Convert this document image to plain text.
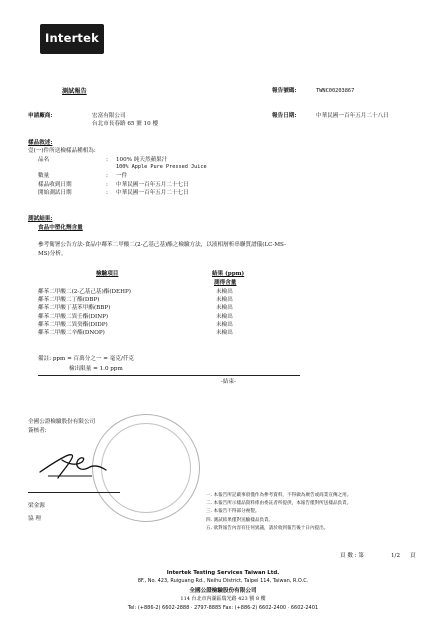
Intertek
測試報告	報告號碼:	TWNC00203867
申請廠商:	宏富有限公司
台北市長春路 65 號 10 樓
報告日期:	中華民國一百年五月二十八日
樣品敘述:
壹(一)件所送檢樣品種相為:
品名	: 100% 純天然蘋果汁
100% Apple Pure Pressed Juice
數量	: 一件
樣品收到日期	: 中華民國一百年五月二十七日
開始測試日期	: 中華民國一百年五月二十七日
測試結果:
食品中塑化劑含量
參考衛署公告方法-食品中鄰苯二甲酸二(2-乙基己基)酯之檢驗方法，以液相層析串聯質譜儀(LC-MS-
MS)分析。
檢驗項目	結果 (ppm)
測得含量
鄰苯二甲酸二(2-乙基己基)酯(DEHP)	未檢出
鄰苯二甲酸二丁酯(DBP)	未檢出
鄰苯二甲酸丁基苯甲酯(BBP)	未檢出
鄰苯二甲酸二異壬酯(DINP)	未檢出
鄰苯二甲酸二異癸酯(DIDP)	未檢出
鄰苯二甲酸二辛酯(DNOP)	未檢出
備註: ppm = 百萬分之一 = 毫克/仟克
檢出限量 = 1.0 ppm
-結束-
全國公證檢驗股份有限公司
簽核者:
梁金源
協 理
一. 本報告所記載事項僅作為參考資料，不得做為廣告或商業宣傳之用。
二. 本報告所示樣品資料係由委託者所提供，本報告僅對所送樣品負責。
三. 本報告不得部分複製。
四. 測試結果僅對送驗樣品負責。
五. 欲對報告內容有任何異議，請於收到報告後十日內提出。
頁 數 : 第	1/2 頁
Intertek Testing Services Taiwan Ltd.
8F., No. 423, Ruiguang Rd., Neihu District, Taipei 114, Taiwan, R.O.C.
全國公證檢驗股份有限公司
114 台北市內湖區瑞光路 423 號 8 樓
Tel: (+886-2) 6602-2888 · 2797-8885 Fax: (+886-2) 6602-2400 · 6602-2401
